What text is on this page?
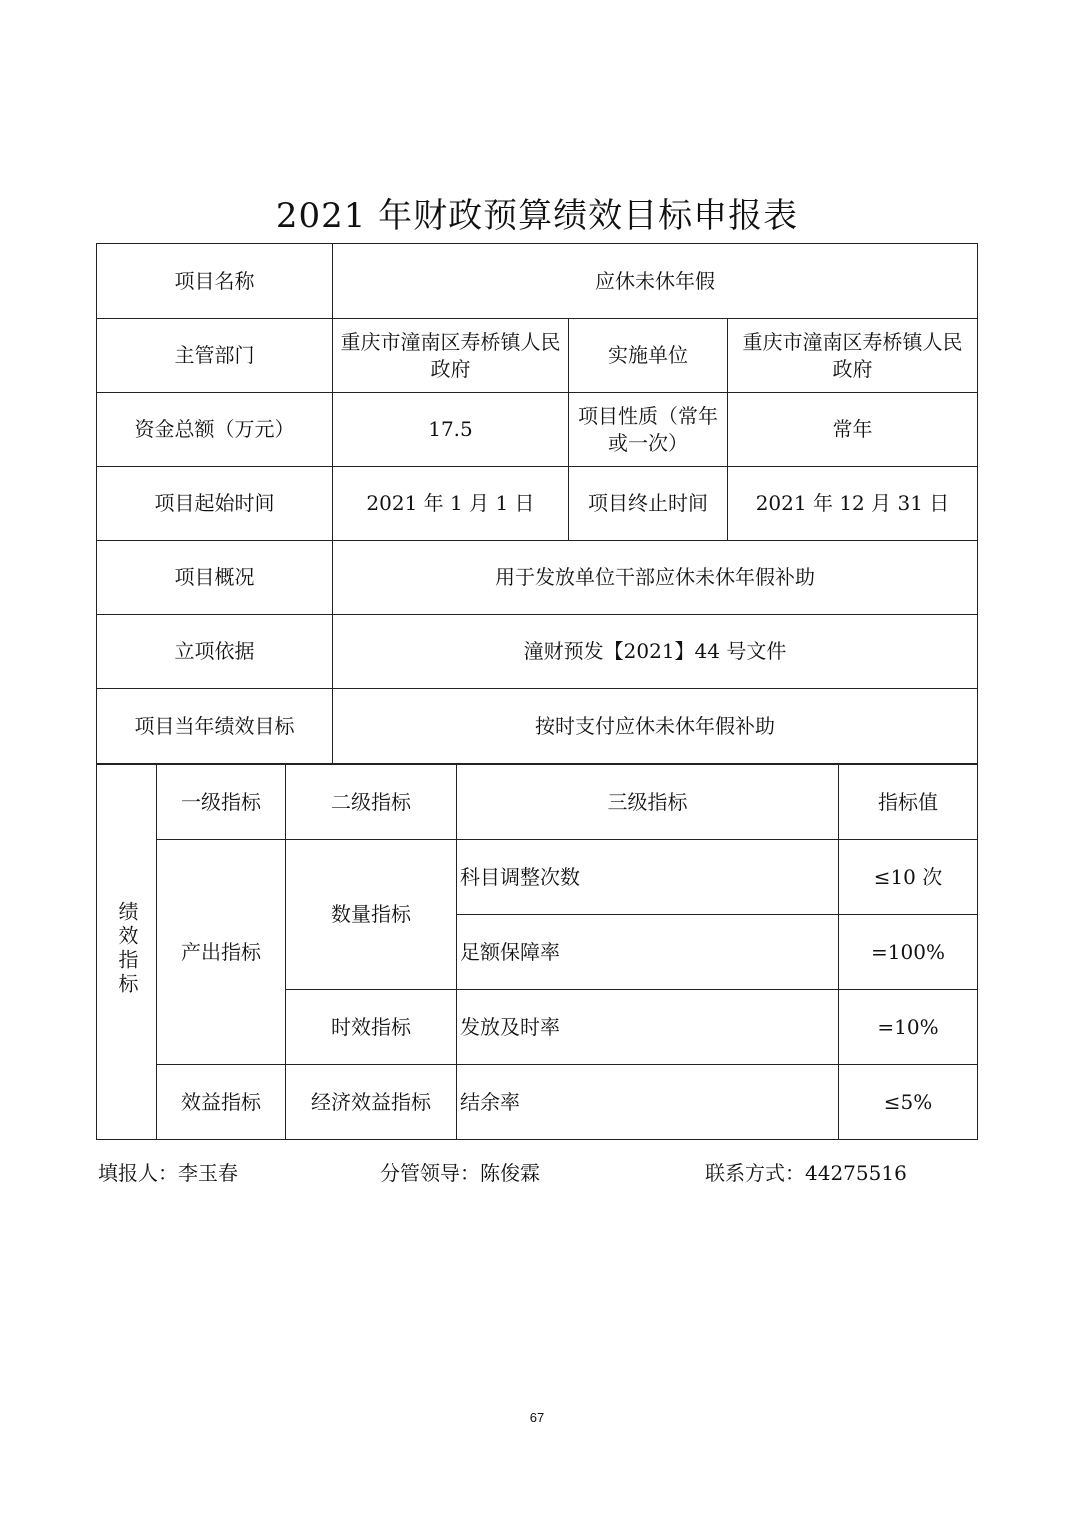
2021 年财政预算绩效目标申报表
项目名称	应休未休年假		
主管部门	重庆市潼南区寿桥镇人民政府	实施单位	重庆市潼南区寿桥镇人民政府
资金总额（万元）	17.5	项目性质（常年或一次）	常年
项目起始时间	2021 年 1 月 1 日	项目终止时间	2021 年 12 月 31 日
项目概况	用于发放单位干部应休未休年假补助		
立项依据	潼财预发【2021】44 号文件		
项目当年绩效目标	按时支付应休未休年假补助		
绩效指标	一级指标	二级指标	三级指标	指标值
	产出指标	数量指标	科目调整次数	≤10 次
			足额保障率	=100%
		时效指标	发放及时率	=10%
	效益指标	经济效益指标	结余率	≤5%
填报人：李玉春	分管领导：陈俊霖	联系方式：44275516
67
